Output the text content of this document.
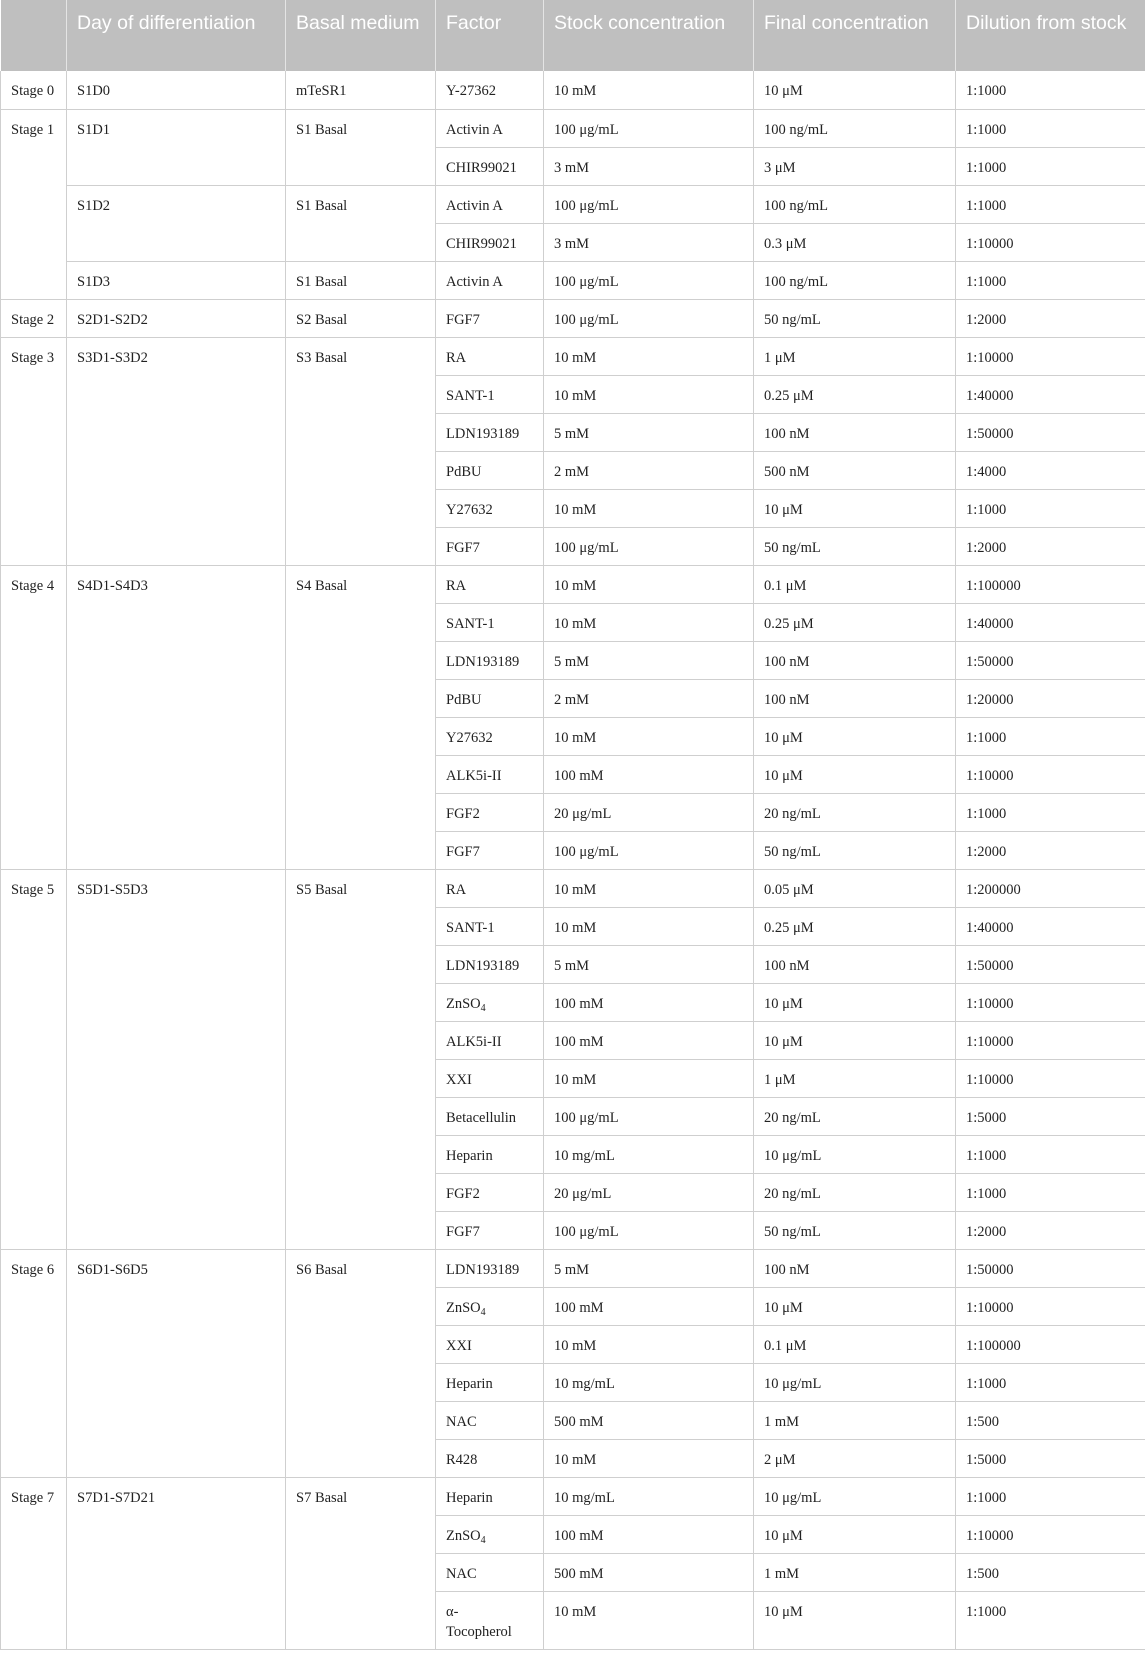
	Day of differentiation	Basal medium	Factor	Stock concentration	Final concentration	Dilution from stock
Stage 0	S1D0	mTeSR1	Y-27362	10 mM	10 μM	1:1000
Stage 1	S1D1	S1 Basal	Activin A	100 μg/mL	100 ng/mL	1:1000
			CHIR99021	3 mM	3 μM	1:1000
	S1D2	S1 Basal	Activin A	100 μg/mL	100 ng/mL	1:1000
			CHIR99021	3 mM	0.3 μM	1:10000
	S1D3	S1 Basal	Activin A	100 μg/mL	100 ng/mL	1:1000
Stage 2	S2D1-S2D2	S2 Basal	FGF7	100 μg/mL	50 ng/mL	1:2000
Stage 3	S3D1-S3D2	S3 Basal	RA	10 mM	1 μM	1:10000
			SANT-1	10 mM	0.25 μM	1:40000
			LDN193189	5 mM	100 nM	1:50000
			PdBU	2 mM	500 nM	1:4000
			Y27632	10 mM	10 μM	1:1000
			FGF7	100 μg/mL	50 ng/mL	1:2000
Stage 4	S4D1-S4D3	S4 Basal	RA	10 mM	0.1 μM	1:100000
			SANT-1	10 mM	0.25 μM	1:40000
			LDN193189	5 mM	100 nM	1:50000
			PdBU	2 mM	100 nM	1:20000
			Y27632	10 mM	10 μM	1:1000
			ALK5i-II	100 mM	10 μM	1:10000
			FGF2	20 μg/mL	20 ng/mL	1:1000
			FGF7	100 μg/mL	50 ng/mL	1:2000
Stage 5	S5D1-S5D3	S5 Basal	RA	10 mM	0.05 μM	1:200000
			SANT-1	10 mM	0.25 μM	1:40000
			LDN193189	5 mM	100 nM	1:50000
			ZnSO$_4$	100 mM	10 μM	1:10000
			ALK5i-II	100 mM	10 μM	1:10000
			XXI	10 mM	1 μM	1:10000
			Betacellulin	100 μg/mL	20 ng/mL	1:5000
			Heparin	10 mg/mL	10 μg/mL	1:1000
			FGF2	20 μg/mL	20 ng/mL	1:1000
			FGF7	100 μg/mL	50 ng/mL	1:2000
Stage 6	S6D1-S6D5	S6 Basal	LDN193189	5 mM	100 nM	1:50000
			ZnSO$_4$	100 mM	10 μM	1:10000
			XXI	10 mM	0.1 μM	1:100000
			Heparin	10 mg/mL	10 μg/mL	1:1000
			NAC	500 mM	1 mM	1:500
			R428	10 mM	2 μM	1:5000
Stage 7	S7D1-S7D21	S7 Basal	Heparin	10 mg/mL	10 μg/mL	1:1000
			ZnSO$_4$	100 mM	10 μM	1:10000
			NAC	500 mM	1 mM	1:500
			α-Tocopherol	10 mM	10 μM	1:1000
